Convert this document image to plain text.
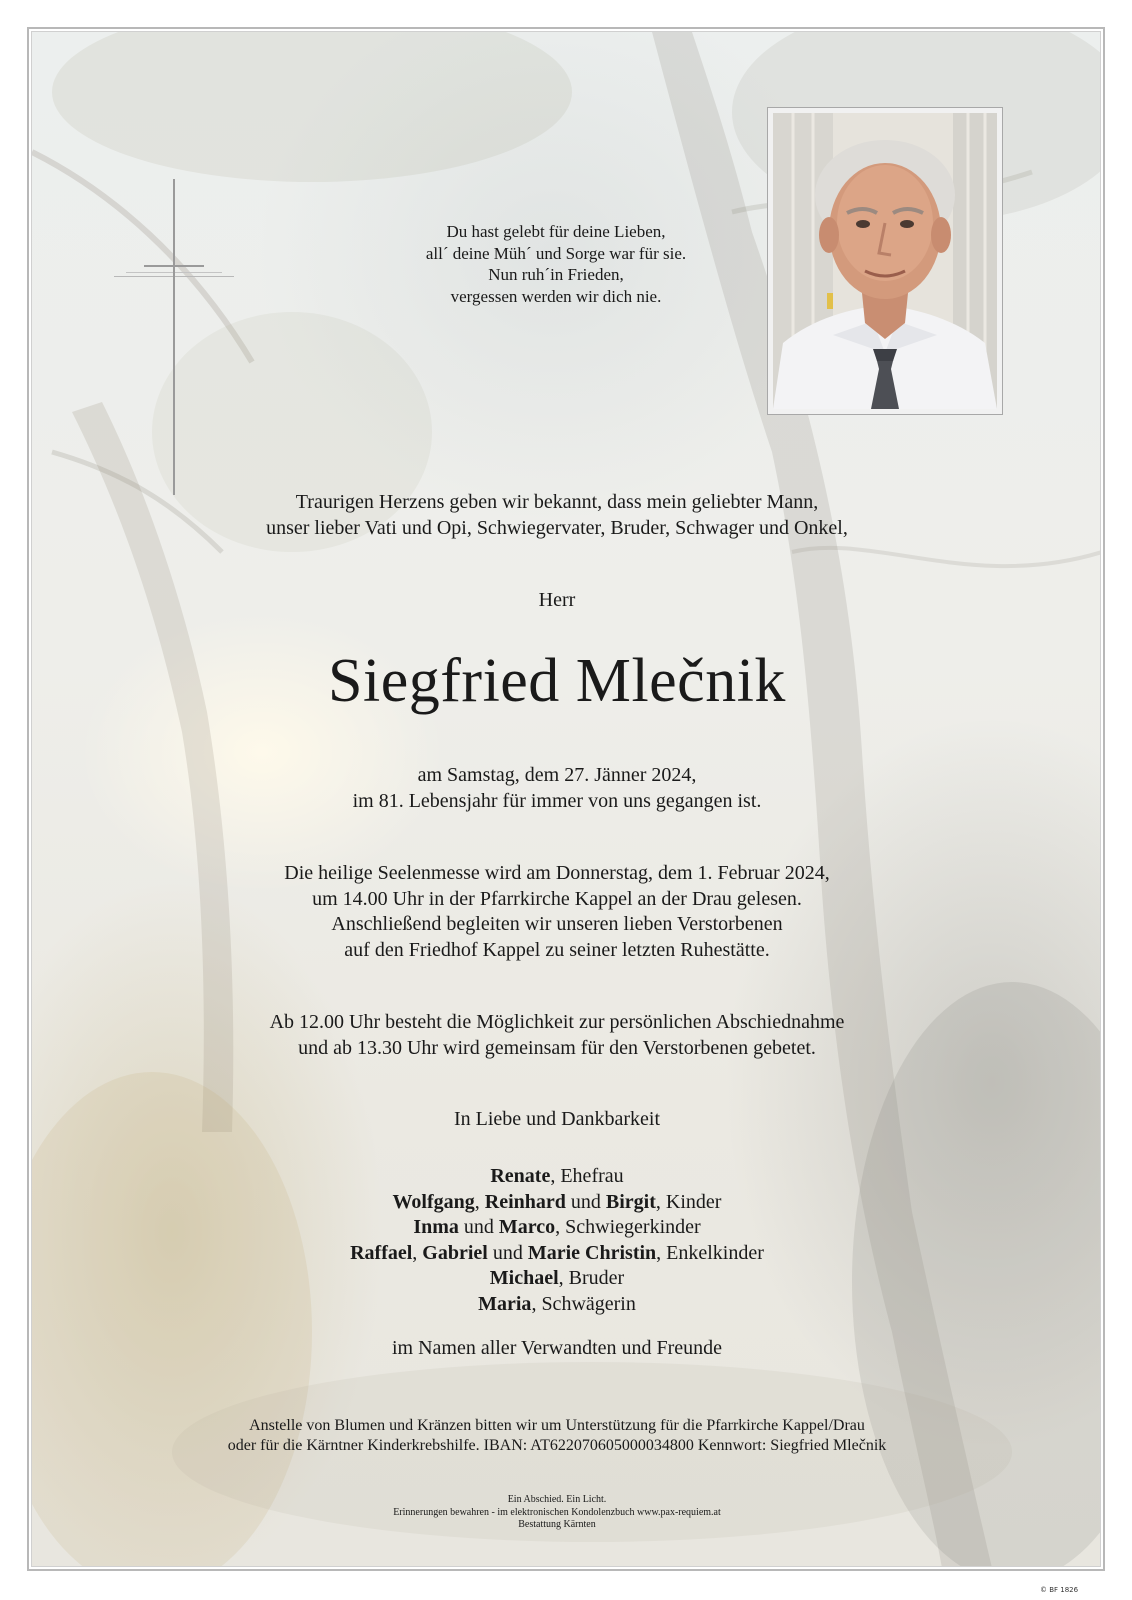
Du hast gelebt für deine Lieben,
all´ deine Müh´ und Sorge war für sie.
Nun ruh´in Frieden,
vergessen werden wir dich nie.
Traurigen Herzens geben wir bekannt, dass mein geliebter Mann,
unser lieber Vati und Opi, Schwiegervater, Bruder, Schwager und Onkel,
Herr
Siegfried Mlečnik
am Samstag, dem 27. Jänner 2024,
im 81. Lebensjahr für immer von uns gegangen ist.
Die heilige Seelenmesse wird am Donnerstag, dem 1. Februar 2024,
um 14.00 Uhr in der Pfarrkirche Kappel an der Drau gelesen.
Anschließend begleiten wir unseren lieben Verstorbenen
auf den Friedhof Kappel zu seiner letzten Ruhestätte.
Ab 12.00 Uhr besteht die Möglichkeit zur persönlichen Abschiednahme
und ab 13.30 Uhr wird gemeinsam für den Verstorbenen gebetet.
In Liebe und Dankbarkeit
Renate, Ehefrau
Wolfgang, Reinhard und Birgit, Kinder
Inma und Marco, Schwiegerkinder
Raffael, Gabriel und Marie Christin, Enkelkinder
Michael, Bruder
Maria, Schwägerin
im Namen aller Verwandten und Freunde
Anstelle von Blumen und Kränzen bitten wir um Unterstützung für die Pfarrkirche Kappel/Drau
oder für die Kärntner Kinderkrebshilfe. IBAN: AT622070605000034800 Kennwort: Siegfried Mlečnik
Ein Abschied. Ein Licht.
Erinnerungen bewahren - im elektronischen Kondolenzbuch www.pax-requiem.at
Bestattung Kärnten
© BF 1826
